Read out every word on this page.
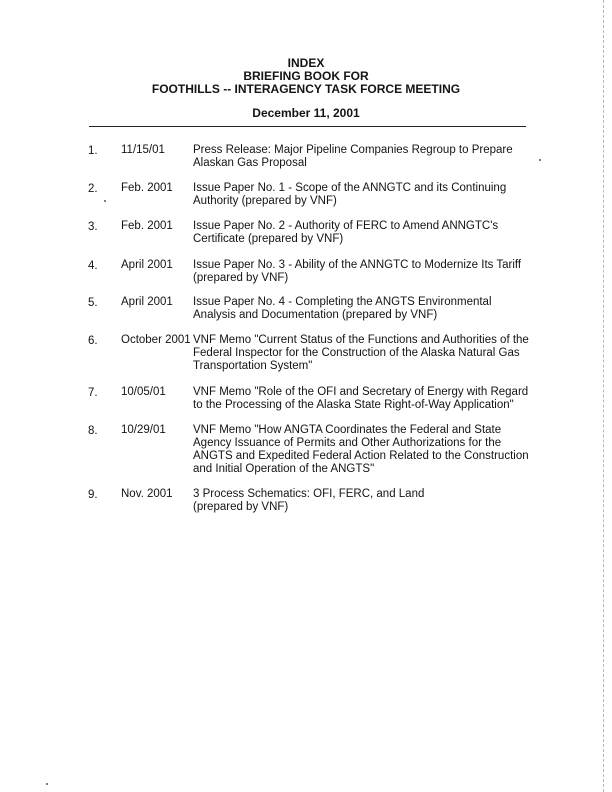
INDEX
BRIEFING BOOK FOR
FOOTHILLS -- INTERAGENCY TASK FORCE MEETING
December 11, 2001
1. 11/15/01 Press Release: Major Pipeline Companies Regroup to Prepare
Alaskan Gas Proposal
2. Feb. 2001 Issue Paper No. 1 - Scope of the ANNGTC and its Continuing
Authority (prepared by VNF)
3. Feb. 2001 Issue Paper No. 2 - Authority of FERC to Amend ANNGTC's
Certificate (prepared by VNF)
4. April 2001 Issue Paper No. 3 - Ability of the ANNGTC to Modernize Its Tariff
(prepared by VNF)
5. April 2001 Issue Paper No. 4 - Completing the ANGTS Environmental
Analysis and Documentation (prepared by VNF)
6. October 2001 VNF Memo "Current Status of the Functions and Authorities of the
Federal Inspector for the Construction of the Alaska Natural Gas
Transportation System"
7. 10/05/01 VNF Memo "Role of the OFI and Secretary of Energy with Regard
to the Processing of the Alaska State Right-of-Way Application"
8. 10/29/01 VNF Memo "How ANGTA Coordinates the Federal and State
Agency Issuance of Permits and Other Authorizations for the
ANGTS and Expedited Federal Action Related to the Construction
and Initial Operation of the ANGTS"
9. Nov. 2001 3 Process Schematics: OFI, FERC, and Land
(prepared by VNF)
